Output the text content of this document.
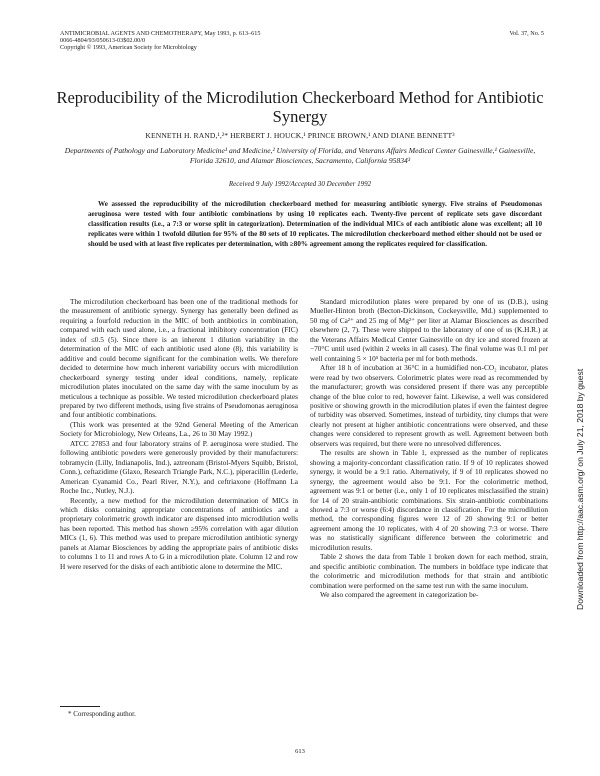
ANTIMICROBIAL AGENTS AND CHEMOTHERAPY, May 1993, p. 613–615
0066-4804/93/050613-03$02.00/0
Copyright © 1993, American Society for Microbiology
Vol. 37, No. 5
Reproducibility of the Microdilution Checkerboard Method for Antibiotic Synergy
KENNETH H. RAND,¹,²* HERBERT J. HOUCK,¹ PRINCE BROWN,¹ AND DIANE BENNETT³
Departments of Pathology and Laboratory Medicine¹ and Medicine,² University of Florida, and Veterans Affairs Medical Center Gainesville,¹ Gainesville, Florida 32610, and Alamar Biosciences, Sacramento, California 95834³
Received 9 July 1992/Accepted 30 December 1992

We assessed the reproducibility of the microdilution checkerboard method for measuring antibiotic synergy. Five strains of Pseudomonas aeruginosa were tested with four antibiotic combinations by using 10 replicates each. Twenty-five percent of replicate sets gave discordant classification results (i.e., a 7:3 or worse split in categorization). Determination of the individual MICs of each antibiotic alone was excellent; all 10 replicates were within 1 twofold dilution for 95% of the 80 sets of 10 replicates. The microdilution checkerboard method either should not be used or should be used with at least five replicates per determination, with ≥80% agreement among the replicates required for classification.

The microdilution checkerboard has been one of the traditional methods for the measurement of antibiotic synergy. Synergy has generally been defined as requiring a fourfold reduction in the MIC of both antibiotics in combination, compared with each used alone, i.e., a fractional inhibitory concentration (FIC) index of ≤0.5 (5). Since there is an inherent 1 dilution variability in the determination of the MIC of each antibiotic used alone (8), this variability is additive and could become significant for the combination wells. We therefore decided to determine how much inherent variability occurs with microdilution checkerboard synergy testing under ideal conditions, namely, replicate microdilution plates inoculated on the same day with the same inoculum by as meticulous a technique as possible. We tested microdilution checkerboard plates prepared by two different methods, using five strains of Pseudomonas aeruginosa and four antibiotic combinations.

(This work was presented at the 92nd General Meeting of the American Society for Microbiology, New Orleans, La., 26 to 30 May 1992.)

ATCC 27853 and four laboratory strains of P. aeruginosa were studied. The following antibiotic powders were generously provided by their manufacturers: tobramycin (Lilly, Indianapolis, Ind.), aztreonam (Bristol-Myers Squibb, Bristol, Conn.), ceftazidime (Glaxo, Research Triangle Park, N.C.), piperacillin (Lederle, American Cyanamid Co., Pearl River, N.Y.), and ceftriaxone (Hoffmann La Roche Inc., Nutley, N.J.).

Recently, a new method for the microdilution determination of MICs in which disks containing appropriate concentrations of antibiotics and a proprietary colorimetric growth indicator are dispensed into microdilution wells has been reported. This method has shown ≥95% correlation with agar dilution MICs (1, 6). This method was used to prepare microdilution antibiotic synergy panels at Alamar Biosciences by adding the appropriate pairs of antibiotic disks to columns 1 to 11 and rows A to G in a microdilution plate. Column 12 and row H were reserved for the disks of each antibiotic alone to determine the MIC.

Standard microdilution plates were prepared by one of us (D.B.), using Mueller-Hinton broth (Becton-Dickinson, Cockeysville, Md.) supplemented to 50 mg of Ca²⁺ and 25 mg of Mg²⁺ per liter at Alamar Biosciences as described elsewhere (2, 7). These were shipped to the laboratory of one of us (K.H.R.) at the Veterans Affairs Medical Center Gainesville on dry ice and stored frozen at −70°C until used (within 2 weeks in all cases). The final volume was 0.1 ml per well containing 5 × 10⁵ bacteria per ml for both methods.

After 18 h of incubation at 36°C in a humidified non-CO₂ incubator, plates were read by two observers. Colorimetric plates were read as recommended by the manufacturer; growth was considered present if there was any perceptible change of the blue color to red, however faint. Likewise, a well was considered positive or showing growth in the microdilution plates if even the faintest degree of turbidity was observed. Sometimes, instead of turbidity, tiny clumps that were clearly not present at higher antibiotic concentrations were observed, and these changes were considered to represent growth as well. Agreement between both observers was required, but there were no unresolved differences.

The results are shown in Table 1, expressed as the number of replicates showing a majority-concordant classification ratio. If 9 of 10 replicates showed synergy, it would be a 9:1 ratio. Alternatively, if 9 of 10 replicates showed no synergy, the agreement would also be 9:1. For the colorimetric method, agreement was 9:1 or better (i.e., only 1 of 10 replicates misclassified the strain) for 14 of 20 strain-antibiotic combinations. Six strain-antibiotic combinations showed a 7:3 or worse (6:4) discordance in classification. For the microdilution method, the corresponding figures were 12 of 20 showing 9:1 or better agreement among the 10 replicates, with 4 of 20 showing 7:3 or worse. There was no statistically significant difference between the colorimetric and microdilution results.

Table 2 shows the data from Table 1 broken down for each method, strain, and specific antibiotic combination. The numbers in boldface type indicate that the colorimetric and microdilution methods for that strain and antibiotic combination were performed on the same test run with the same inoculum.

We also compared the agreement in categorization be-

* Corresponding author.
613
Downloaded from http://aac.asm.org/ on July 21, 2018 by guest
